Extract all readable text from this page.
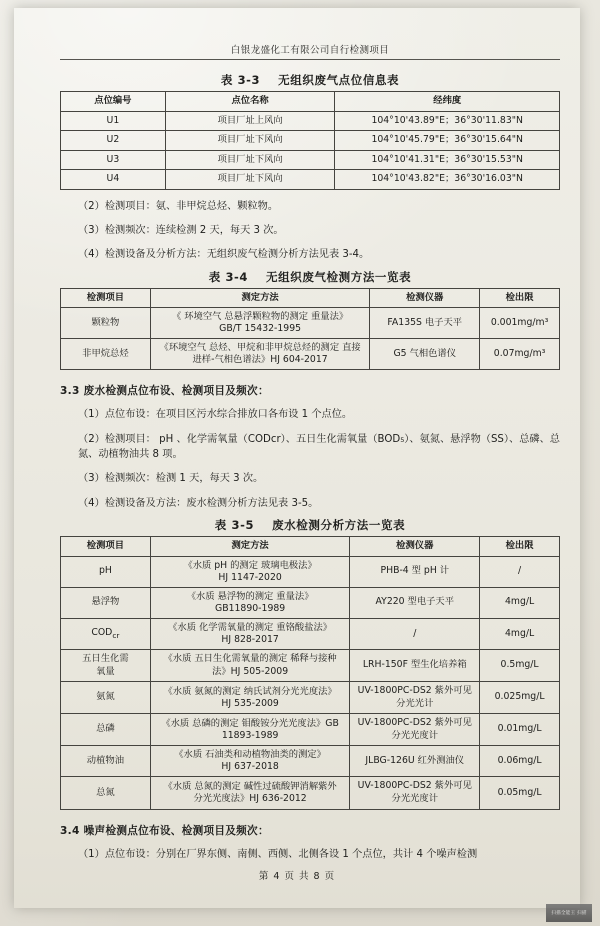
白银龙盛化工有限公司自行检测项目
表 3-3 无组织废气点位信息表
点位编号	点位名称	经纬度
U1	项目厂址上风向	104°10'43.89"E；36°30'11.83"N
U2	项目厂址下风向	104°10'45.79"E；36°30'15.64"N
U3	项目厂址下风向	104°10'41.31"E；36°30'15.53"N
U4	项目厂址下风向	104°10'43.82"E；36°30'16.03"N
（2）检测项目：氨、非甲烷总烃、颗粒物。
（3）检测频次：连续检测 2 天，每天 3 次。
（4）检测设备及分析方法：无组织废气检测分析方法见表 3-4。
表 3-4 无组织废气检测方法一览表
检测项目	测定方法	检测仪器	检出限
颗粒物	《 环境空气 总悬浮颗粒物的测定 重量法》
GB/T 15432-1995	FA135S 电子天平	0.001mg/m³
非甲烷总烃	《环境空气 总烃、甲烷和非甲烷总烃的测定 直接
进样-气相色谱法》HJ 604-2017	G5 气相色谱仪	0.07mg/m³
3.3 废水检测点位布设、检测项目及频次：
（1）点位布设：在项目区污水综合排放口各布设 1 个点位。
（2）检测项目： pH 、化学需氧量（CODcr）、五日生化需氧量（BOD₅）、氨氮、悬浮物（SS）、总磷、总氮、动植物油共 8 项。
（3）检测频次：检测 1 天，每天 3 次。
（4）检测设备及方法：废水检测分析方法见表 3-5。
表 3-5 废水检测分析方法一览表
检测项目	测定方法	检测仪器	检出限
pH	《水质 pH 的测定 玻璃电极法》
HJ 1147-2020	PHB-4 型 pH 计	/
悬浮物	《水质 悬浮物的测定 重量法》
GB11890-1989	AY220 型电子天平	4mg/L
$COD_{cr}$	《水质 化学需氧量的测定 重铬酸盐法》
HJ 828-2017	/	4mg/L
五日生化需
氧量	《水质 五日生化需氧量的测定 稀释与接种
法》HJ 505-2009	LRH-150F 型生化培养箱	0.5mg/L
氨氮	《水质 氨氮的测定 纳氏试剂分光光度法》
HJ 535-2009	UV-1800PC-DS2 紫外可见
分光光计	0.025mg/L
总磷	《水质 总磷的测定 钼酸铵分光光度法》GB
11893-1989	UV-1800PC-DS2 紫外可见
分光光度计	0.01mg/L
动植物油	《水质 石油类和动植物油类的测定》
HJ 637-2018	JLBG-126U 红外测油仪	0.06mg/L
总氮	《水质 总氮的测定 碱性过硫酸钾消解紫外
分光光度法》HJ 636-2012	UV-1800PC-DS2 紫外可见
分光光度计	0.05mg/L
3.4 噪声检测点位布设、检测项目及频次：
（1）点位布设：分别在厂界东侧、南侧、西侧、北侧各设 1 个点位，共计 4 个噪声检测
第 4 页 共 8 页
扫描全能王 扫描
